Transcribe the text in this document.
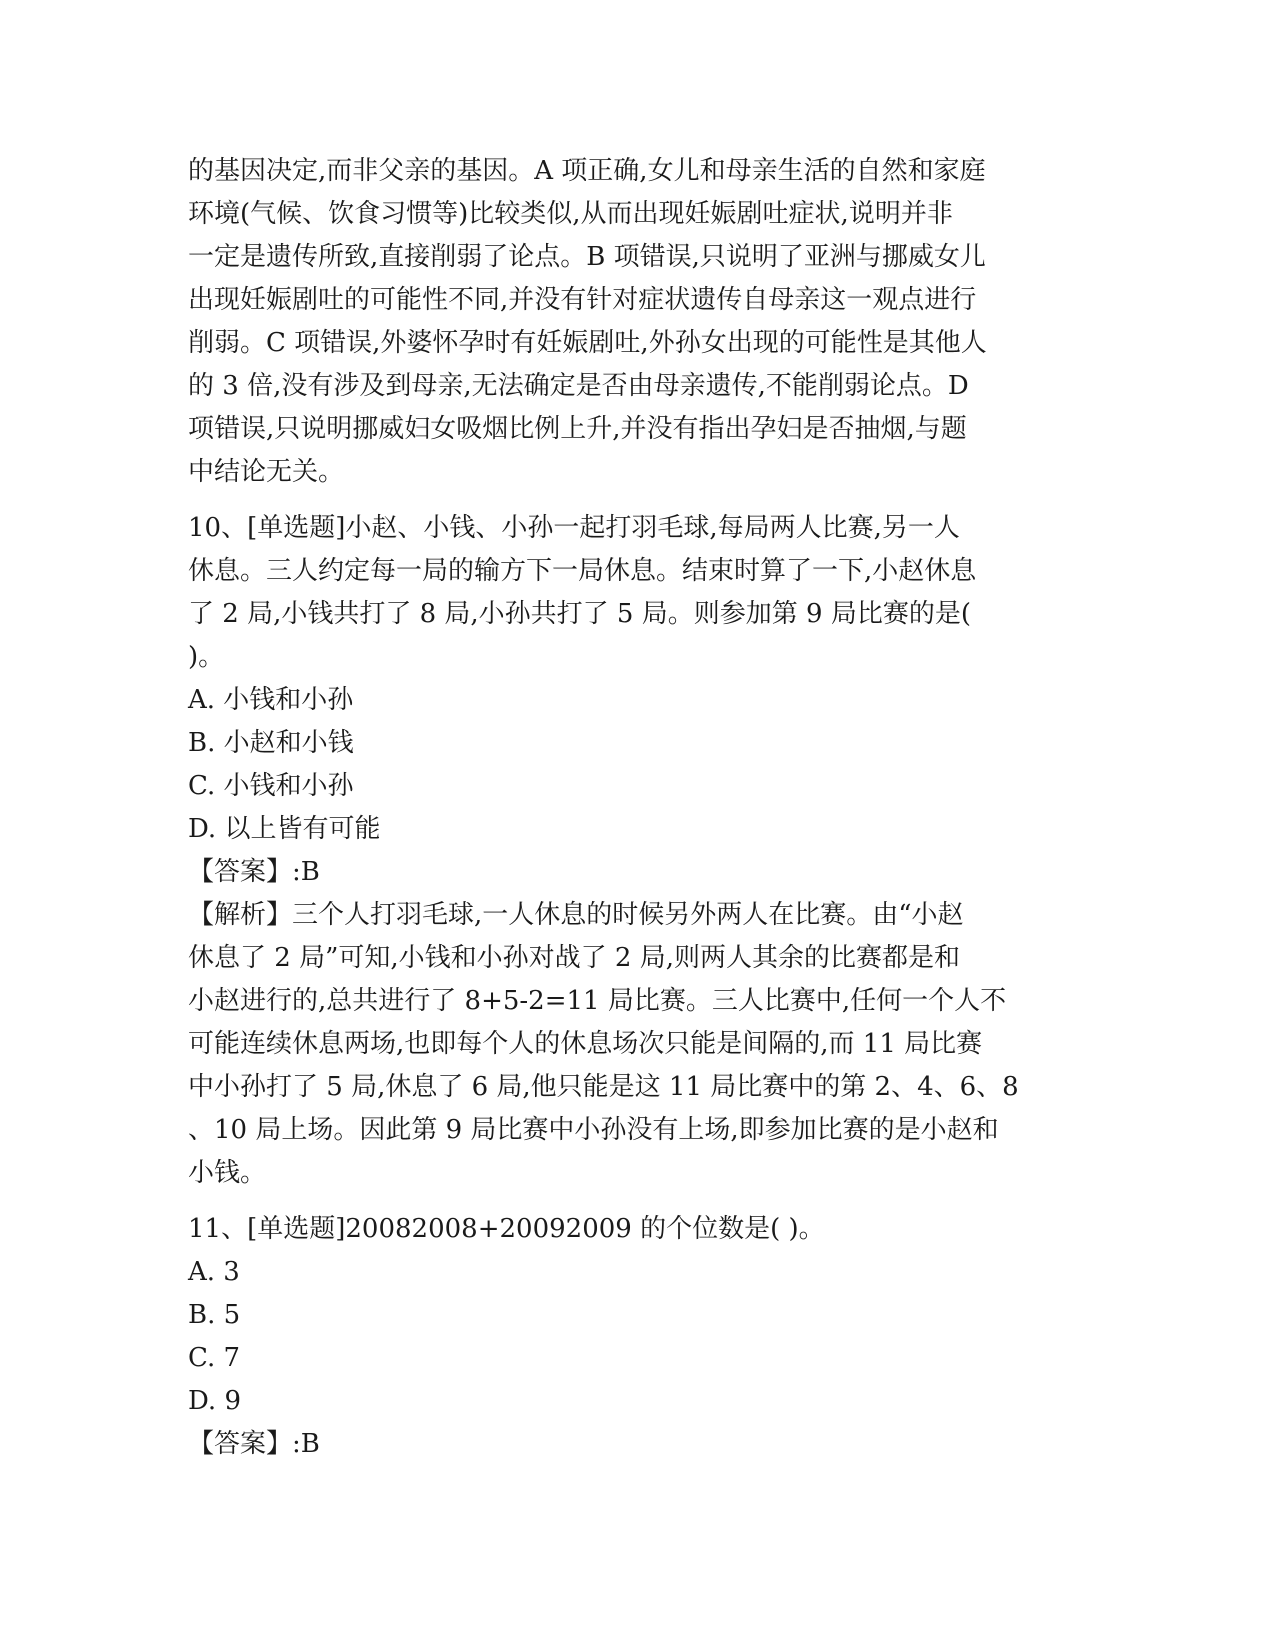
的基因决定,而非父亲的基因。A 项正确,女儿和母亲生活的自然和家庭
环境(气候、饮食习惯等)比较类似,从而出现妊娠剧吐症状,说明并非
一定是遗传所致,直接削弱了论点。B 项错误,只说明了亚洲与挪威女儿
出现妊娠剧吐的可能性不同,并没有针对症状遗传自母亲这一观点进行
削弱。C 项错误,外婆怀孕时有妊娠剧吐,外孙女出现的可能性是其他人
的 3 倍,没有涉及到母亲,无法确定是否由母亲遗传,不能削弱论点。D
项错误,只说明挪威妇女吸烟比例上升,并没有指出孕妇是否抽烟,与题
中结论无关。
10、[单选题]小赵、小钱、小孙一起打羽毛球,每局两人比赛,另一人
休息。三人约定每一局的输方下一局休息。结束时算了一下,小赵休息
了 2 局,小钱共打了 8 局,小孙共打了 5 局。则参加第 9 局比赛的是(
)。
A. 小钱和小孙
B. 小赵和小钱
C. 小钱和小孙
D. 以上皆有可能
【答案】:B
【解析】三个人打羽毛球,一人休息的时候另外两人在比赛。由“小赵
休息了 2 局”可知,小钱和小孙对战了 2 局,则两人其余的比赛都是和
小赵进行的,总共进行了 8+5-2=11 局比赛。三人比赛中,任何一个人不
可能连续休息两场,也即每个人的休息场次只能是间隔的,而 11 局比赛
中小孙打了 5 局,休息了 6 局,他只能是这 11 局比赛中的第 2、4、6、8
、10 局上场。因此第 9 局比赛中小孙没有上场,即参加比赛的是小赵和
小钱。
11、[单选题]20082008+20092009 的个位数是( )。
A. 3
B. 5
C. 7
D. 9
【答案】:B
